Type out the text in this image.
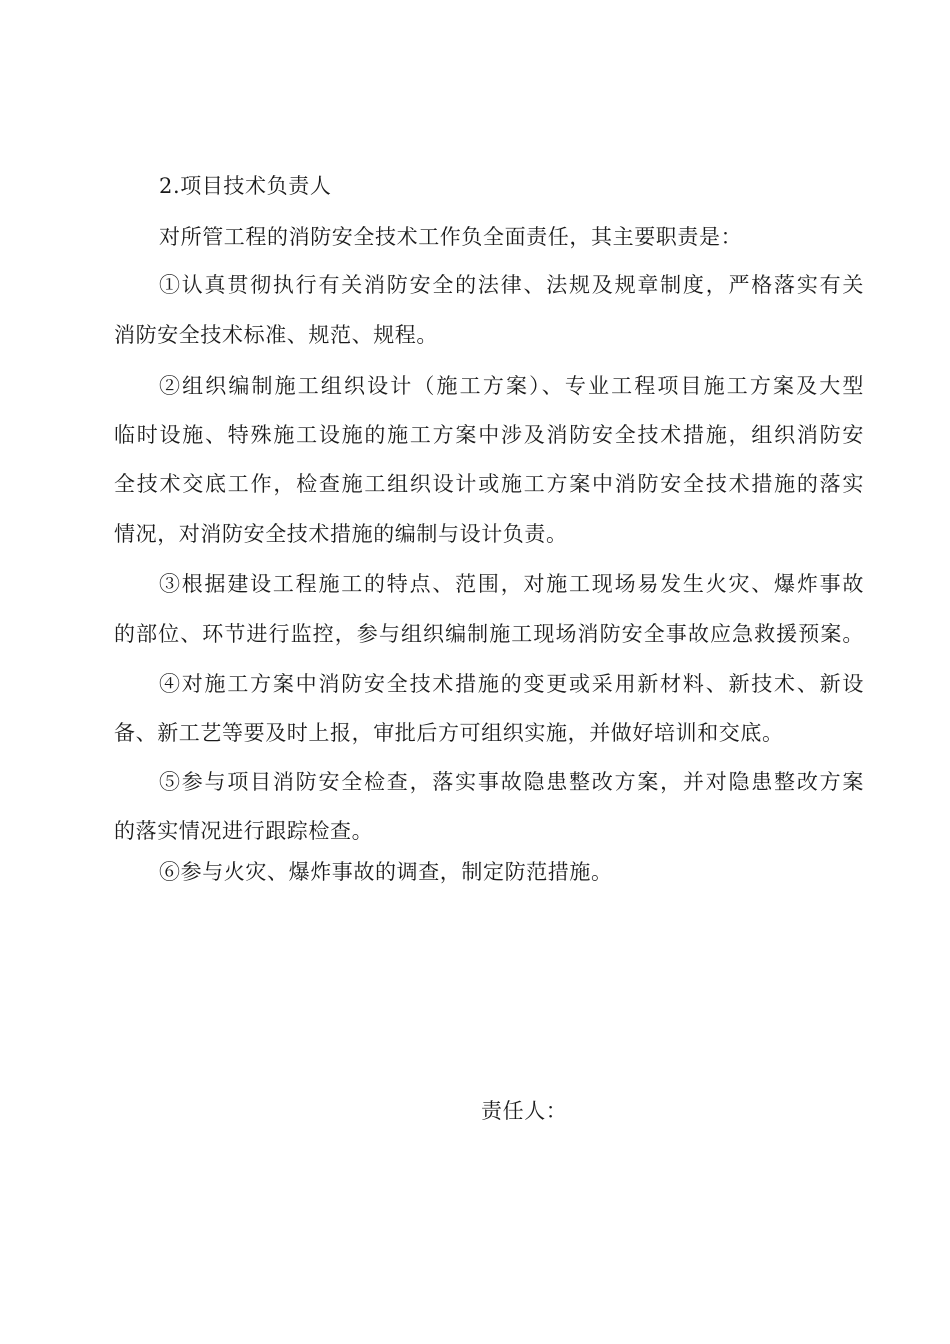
2.项目技术负责人
对所管工程的消防安全技术工作负全面责任，其主要职责是：
①认真贯彻执行有关消防安全的法律、法规及规章制度，严格落实有关
消防安全技术标准、规范、规程。
②组织编制施工组织设计（施工方案）、专业工程项目施工方案及大型
临时设施、特殊施工设施的施工方案中涉及消防安全技术措施，组织消防安
全技术交底工作，检查施工组织设计或施工方案中消防安全技术措施的落实
情况，对消防安全技术措施的编制与设计负责。
③根据建设工程施工的特点、范围，对施工现场易发生火灾、爆炸事故
的部位、环节进行监控，参与组织编制施工现场消防安全事故应急救援预案。
④对施工方案中消防安全技术措施的变更或采用新材料、新技术、新设
备、新工艺等要及时上报，审批后方可组织实施，并做好培训和交底。
⑤参与项目消防安全检查，落实事故隐患整改方案，并对隐患整改方案
的落实情况进行跟踪检查。
⑥参与火灾、爆炸事故的调查，制定防范措施。
责任人：
